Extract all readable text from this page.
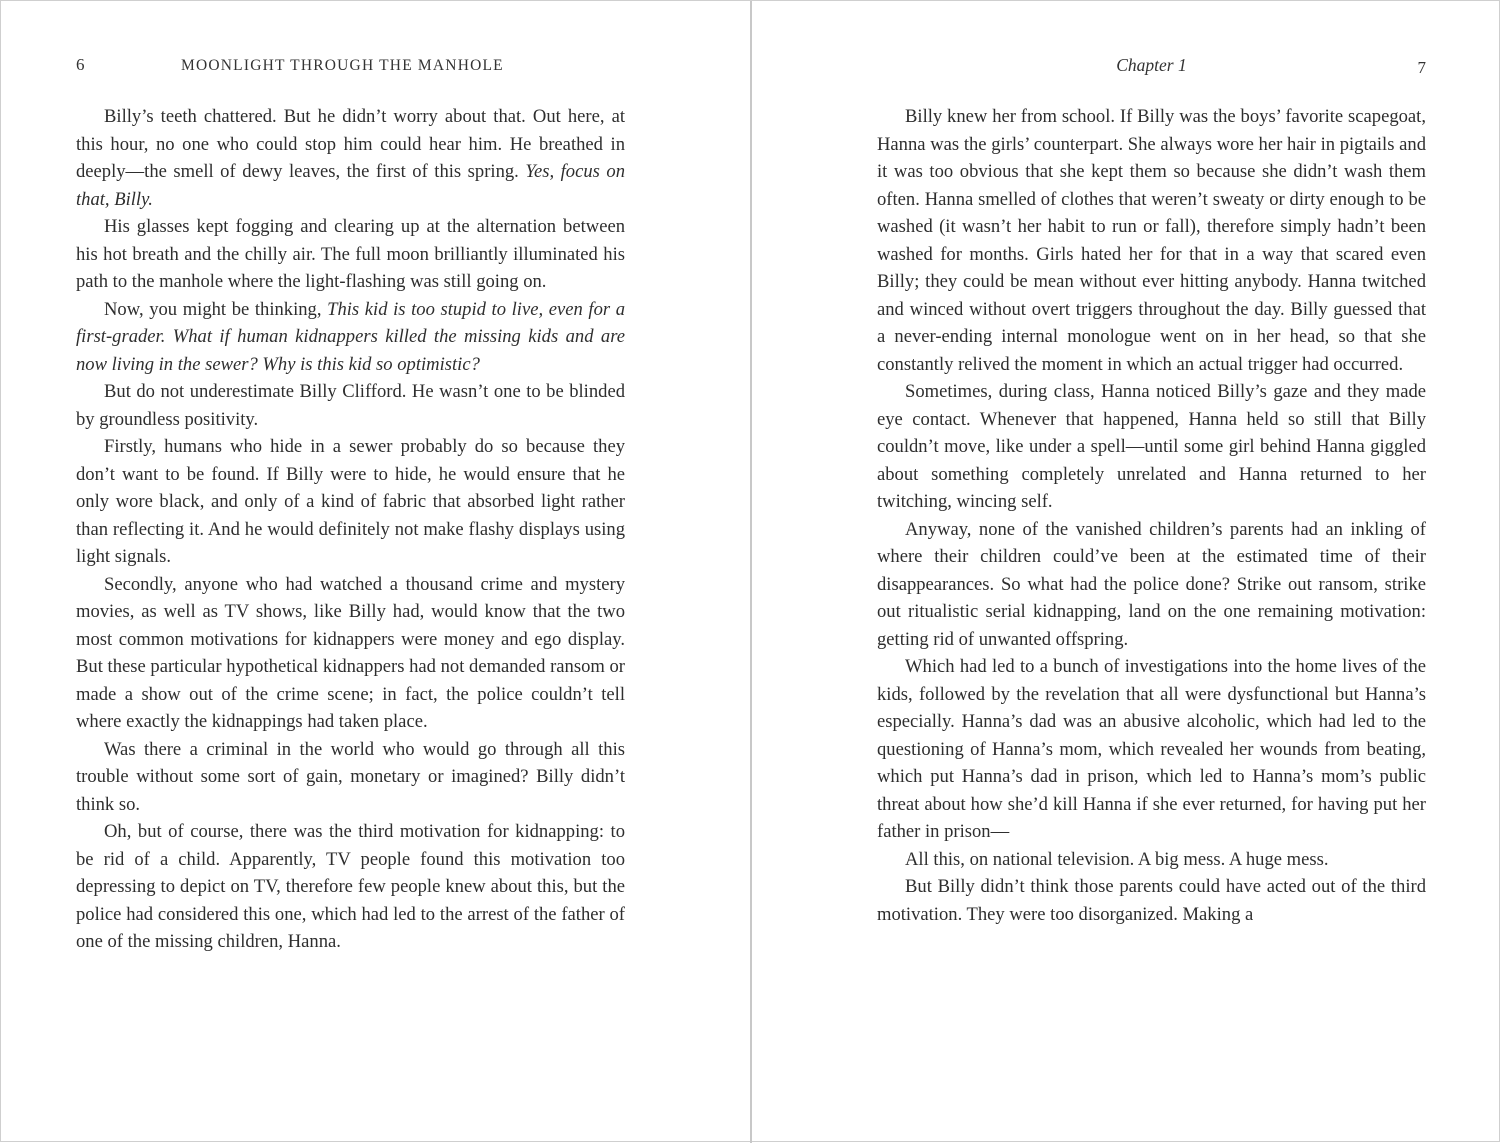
6	MOONLIGHT THROUGH THE MANHOLE

Billy’s teeth chattered. But he didn’t worry about that. Out here, at this hour, no one who could stop him could hear him. He breathed in deeply—the smell of dewy leaves, the first of this spring. Yes, focus on that, Billy.

His glasses kept fogging and clearing up at the alternation between his hot breath and the chilly air. The full moon brilliantly illuminated his path to the manhole where the light-flashing was still going on.

Now, you might be thinking, This kid is too stupid to live, even for a first-grader. What if human kidnappers killed the missing kids and are now living in the sewer? Why is this kid so optimistic?

But do not underestimate Billy Clifford. He wasn’t one to be blinded by groundless positivity.

Firstly, humans who hide in a sewer probably do so because they don’t want to be found. If Billy were to hide, he would ensure that he only wore black, and only of a kind of fabric that absorbed light rather than reflecting it. And he would definitely not make flashy displays using light signals.

Secondly, anyone who had watched a thousand crime and mystery movies, as well as TV shows, like Billy had, would know that the two most common motivations for kidnappers were money and ego display. But these particular hypothetical kidnappers had not demanded ransom or made a show out of the crime scene; in fact, the police couldn’t tell where exactly the kidnappings had taken place.

Was there a criminal in the world who would go through all this trouble without some sort of gain, monetary or imagined? Billy didn’t think so.

Oh, but of course, there was the third motivation for kidnapping: to be rid of a child. Apparently, TV people found this motivation too depressing to depict on TV, therefore few people knew about this, but the police had considered this one, which had led to the arrest of the father of one of the missing children, Hanna.

Chapter 1	7

Billy knew her from school. If Billy was the boys’ favorite scapegoat, Hanna was the girls’ counterpart. She always wore her hair in pigtails and it was too obvious that she kept them so because she didn’t wash them often. Hanna smelled of clothes that weren’t sweaty or dirty enough to be washed (it wasn’t her habit to run or fall), therefore simply hadn’t been washed for months. Girls hated her for that in a way that scared even Billy; they could be mean without ever hitting anybody. Hanna twitched and winced without overt triggers throughout the day. Billy guessed that a never-ending internal monologue went on in her head, so that she constantly relived the moment in which an actual trigger had occurred.

Sometimes, during class, Hanna noticed Billy’s gaze and they made eye contact. Whenever that happened, Hanna held so still that Billy couldn’t move, like under a spell—until some girl behind Hanna giggled about something completely unrelated and Hanna returned to her twitching, wincing self.

Anyway, none of the vanished children’s parents had an inkling of where their children could’ve been at the estimated time of their disappearances. So what had the police done? Strike out ransom, strike out ritualistic serial kidnapping, land on the one remaining motivation: getting rid of unwanted offspring.

Which had led to a bunch of investigations into the home lives of the kids, followed by the revelation that all were dysfunctional but Hanna’s especially. Hanna’s dad was an abusive alcoholic, which had led to the questioning of Hanna’s mom, which revealed her wounds from beating, which put Hanna’s dad in prison, which led to Hanna’s mom’s public threat about how she’d kill Hanna if she ever returned, for having put her father in prison—

All this, on national television. A big mess. A huge mess.

But Billy didn’t think those parents could have acted out of the third motivation. They were too disorganized. Making a
